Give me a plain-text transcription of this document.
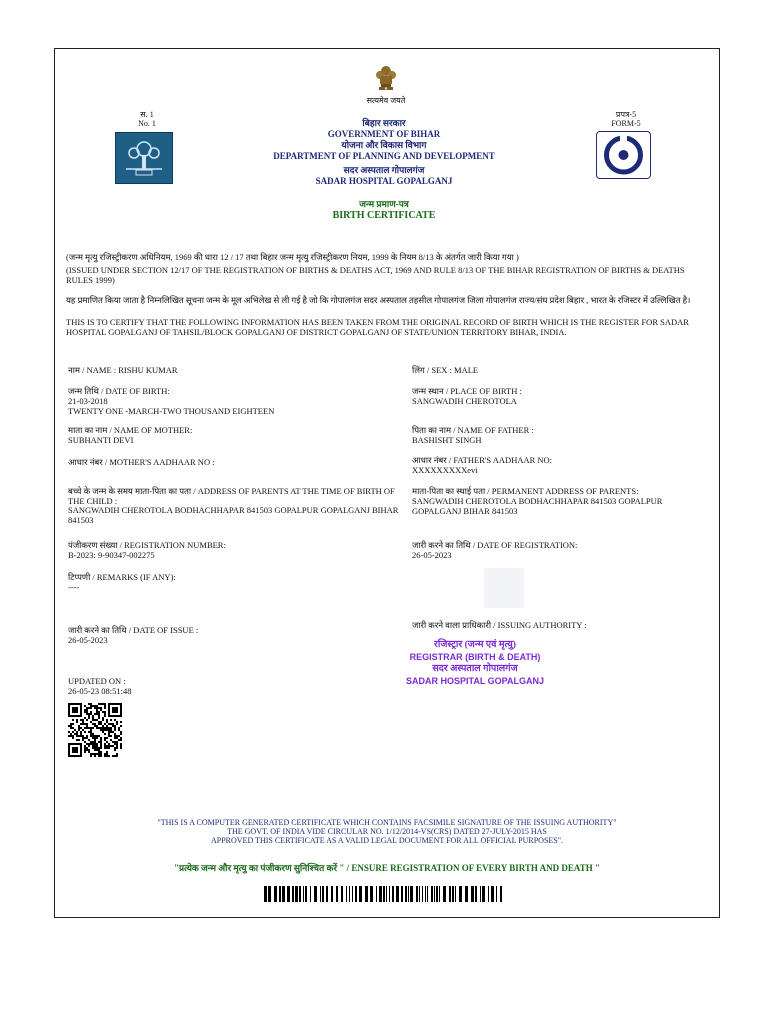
सत्यमेव जयते
स. 1
No. 1
प्रपत्र-5
FORM-5
बिहार सरकार
GOVERNMENT OF BIHAR
योजना और विकास विभाग
DEPARTMENT OF PLANNING AND DEVELOPMENT
सदर अस्पताल गोपालगंज
SADAR HOSPITAL GOPALGANJ
जन्म प्रमाण-पत्र
BIRTH CERTIFICATE
(जन्म मृत्यु रजिस्ट्रीकरण अधिनियम, 1969 की धारा 12 / 17 तथा बिहार जन्म मृत्यु रजिस्ट्रीकरण नियम, 1999 के नियम 8/13 के अंतर्गत जारी किया गया )
(ISSUED UNDER SECTION 12/17 OF THE REGISTRATION OF BIRTHS & DEATHS ACT, 1969 AND RULE 8/13 OF THE BIHAR REGISTRATION OF BIRTHS & DEATHS RULES 1999)
यह प्रमाणित किया जाता है निम्नलिखित सूचना जन्म के मूल अभिलेख से ली गई है जो कि गोपालगंज सदर अस्पताल तहसील गोपालगंज जिला गोपालगंज राज्य/संघ प्रदेश बिहार , भारत के रजिस्टर में उल्लिखित है।
THIS IS TO CERTIFY THAT THE FOLLOWING INFORMATION HAS BEEN TAKEN FROM THE ORIGINAL RECORD OF BIRTH WHICH IS THE REGISTER FOR SADAR HOSPITAL GOPALGANJ OF TAHSIL/BLOCK GOPALGANJ OF DISTRICT GOPALGANJ OF STATE/UNION TERRITORY BIHAR, INDIA.
नाम / NAME : RISHU KUMAR
जन्म तिथि / DATE OF BIRTH:
21-03-2018
TWENTY ONE -MARCH-TWO THOUSAND EIGHTEEN
माता का नाम / NAME OF MOTHER:
SUBHANTI DEVI
आधार नंबर / MOTHER'S AADHAAR NO :
बच्चे के जन्म के समय माता-पिता का पता / ADDRESS OF PARENTS AT THE TIME OF BIRTH OF THE CHILD :
SANGWADIH CHEROTOLA BODHACHHAPAR 841503 GOPALPUR GOPALGANJ BIHAR 841503
पंजीकरण संख्या / REGISTRATION NUMBER:
B-2023: 9-90347-002275
टिप्पणी / REMARKS (IF ANY):
----
जारी करने का तिथि / DATE OF ISSUE :
26-05-2023
UPDATED ON :
26-05-23 08:51:48
लिंग / SEX : MALE
जन्म स्थान / PLACE OF BIRTH :
SANGWADIH CHEROTOLA
पिता का नाम / NAME OF FATHER :
BASHISHT SINGH
आधार नंबर / FATHER'S AADHAAR NO:
XXXXXXXXXevi
माता-पिता का स्थाई पता / PERMANENT ADDRESS OF PARENTS:
SANGWADIH CHEROTOLA BODHACHHAPAR 841503 GOPALPUR GOPALGANJ BIHAR 841503
जारी करने का तिथि / DATE OF REGISTRATION:
26-05-2023
जारी करने वाला प्राधिकारी / ISSUING AUTHORITY :
रजिस्ट्रार (जन्म एवं मृत्यु)
REGISTRAR (BIRTH & DEATH)
सदर अस्पताल गोपालगंज
SADAR HOSPITAL GOPALGANJ
"THIS IS A COMPUTER GENERATED CERTIFICATE WHICH CONTAINS FACSIMILE SIGNATURE OF THE ISSUING AUTHORITY"
THE GOVT. OF INDIA VIDE CIRCULAR NO. 1/12/2014-VS(CRS) DATED 27-JULY-2015 HAS
APPROVED THIS CERTIFICATE AS A VALID LEGAL DOCUMENT FOR ALL OFFICIAL PURPOSES".
"प्रत्येक जन्म और मृत्यु का पंजीकरण सुनिश्चित करें " / ENSURE REGISTRATION OF EVERY BIRTH AND DEATH "
